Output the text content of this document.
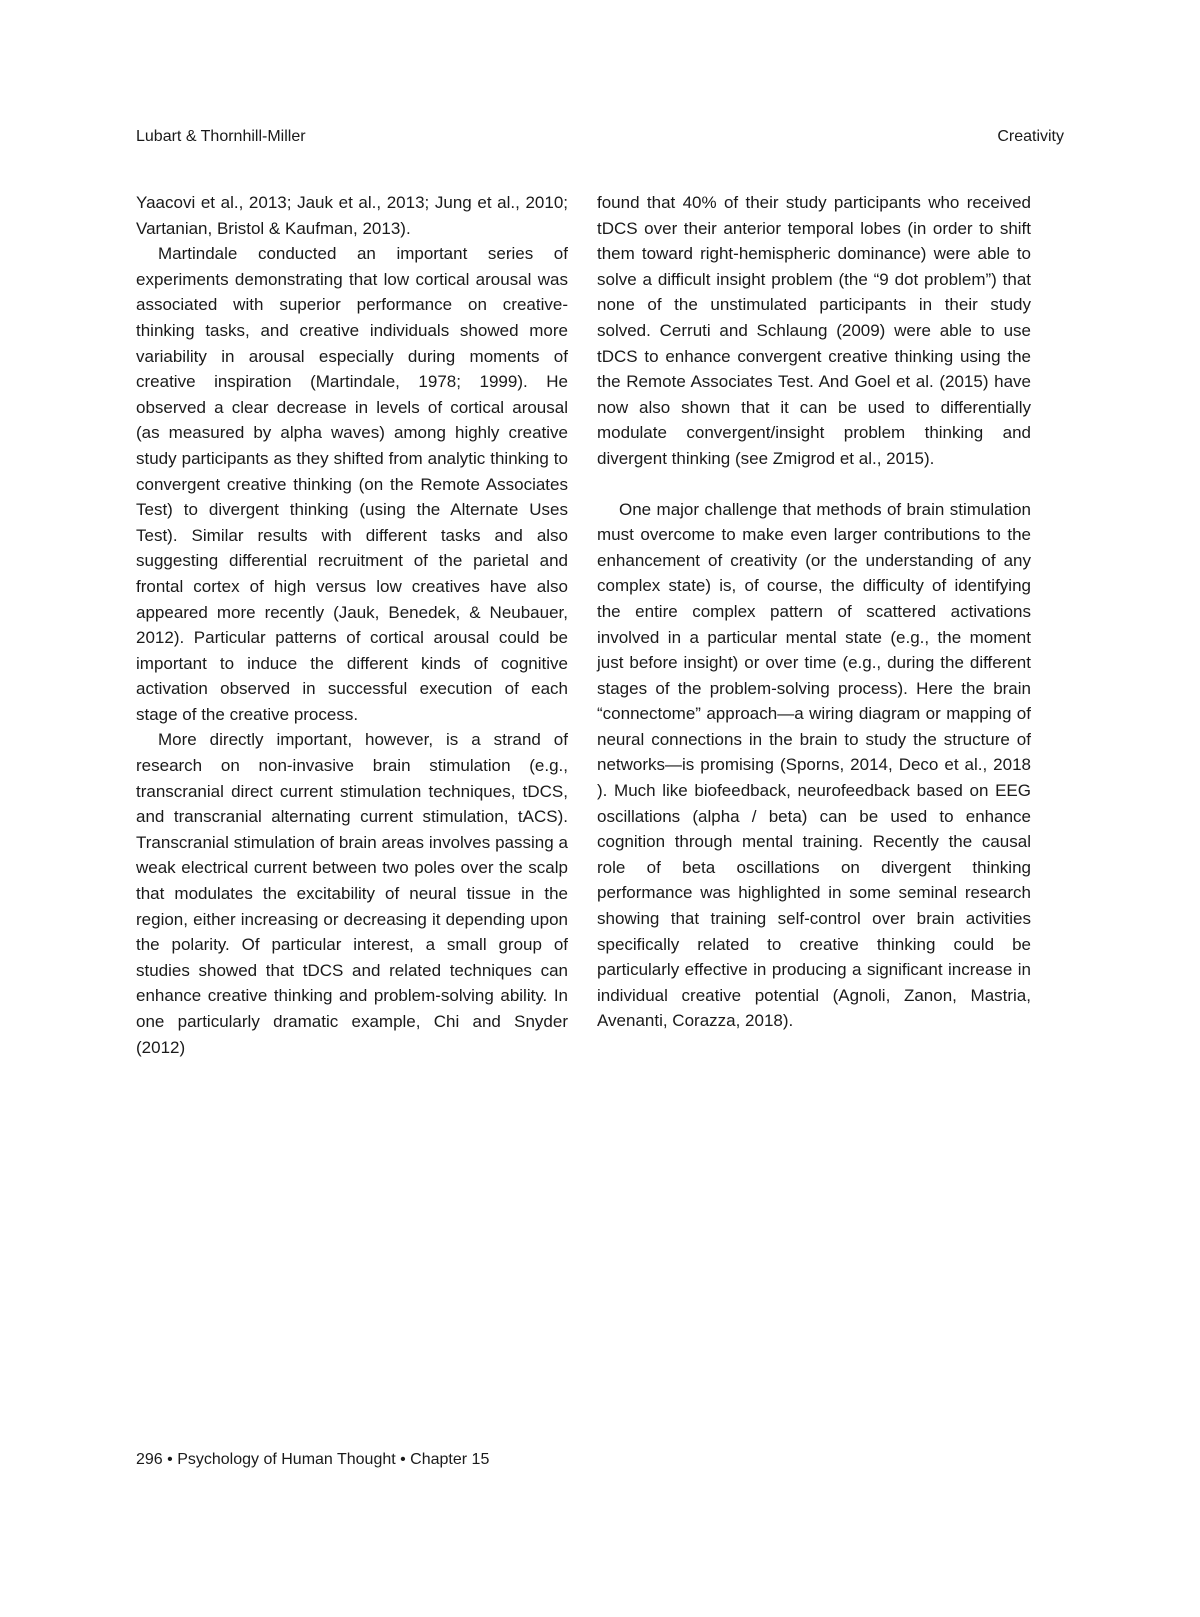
Lubart & Thornhill-Miller	Creativity

Yaacovi et al., 2013; Jauk et al., 2013; Jung et al., 2010; Vartanian, Bristol & Kaufman, 2013).

Martindale conducted an important series of experiments demonstrating that low cortical arousal was associated with superior performance on creative-thinking tasks, and creative individuals showed more variability in arousal especially during moments of creative inspiration (Martindale, 1978; 1999). He observed a clear decrease in levels of cortical arousal (as measured by alpha waves) among highly creative study participants as they shifted from analytic thinking to convergent creative thinking (on the Remote Associates Test) to divergent thinking (using the Alternate Uses Test). Similar results with different tasks and also suggesting differential recruitment of the parietal and frontal cortex of high versus low creatives have also appeared more recently (Jauk, Benedek, & Neubauer, 2012). Particular patterns of cortical arousal could be important to induce the different kinds of cognitive activation observed in successful execution of each stage of the creative process.

More directly important, however, is a strand of research on non-invasive brain stimulation (e.g., transcranial direct current stimulation techniques, tDCS, and transcranial alternating current stimulation, tACS). Transcranial stimulation of brain areas involves passing a weak electrical current between two poles over the scalp that modulates the excitability of neural tissue in the region, either increasing or decreasing it depending upon the polarity. Of particular interest, a small group of studies showed that tDCS and related techniques can enhance creative thinking and problem-solving ability. In one particularly dramatic example, Chi and Snyder (2012)

found that 40% of their study participants who received tDCS over their anterior temporal lobes (in order to shift them toward right-hemispheric dominance) were able to solve a difficult insight problem (the “9 dot problem”) that none of the unstimulated participants in their study solved. Cerruti and Schlaung (2009) were able to use tDCS to enhance convergent creative thinking using the the Remote Associates Test. And Goel et al. (2015) have now also shown that it can be used to differentially modulate convergent/insight problem thinking and divergent thinking (see Zmigrod et al., 2015).

One major challenge that methods of brain stimulation must overcome to make even larger contributions to the enhancement of creativity (or the understanding of any complex state) is, of course, the difficulty of identifying the entire complex pattern of scattered activations involved in a particular mental state (e.g., the moment just before insight) or over time (e.g., during the different stages of the problem-solving process). Here the brain “connectome” approach—a wiring diagram or mapping of neural connections in the brain to study the structure of networks—is promising (Sporns, 2014, Deco et al., 2018 ). Much like biofeedback, neurofeedback based on EEG oscillations (alpha / beta) can be used to enhance cognition through mental training. Recently the causal role of beta oscillations on divergent thinking performance was highlighted in some seminal research showing that training self-control over brain activities specifically related to creative thinking could be particularly effective in producing a significant increase in individual creative potential (Agnoli, Zanon, Mastria, Avenanti, Corazza, 2018).

296 • Psychology of Human Thought • Chapter 15
